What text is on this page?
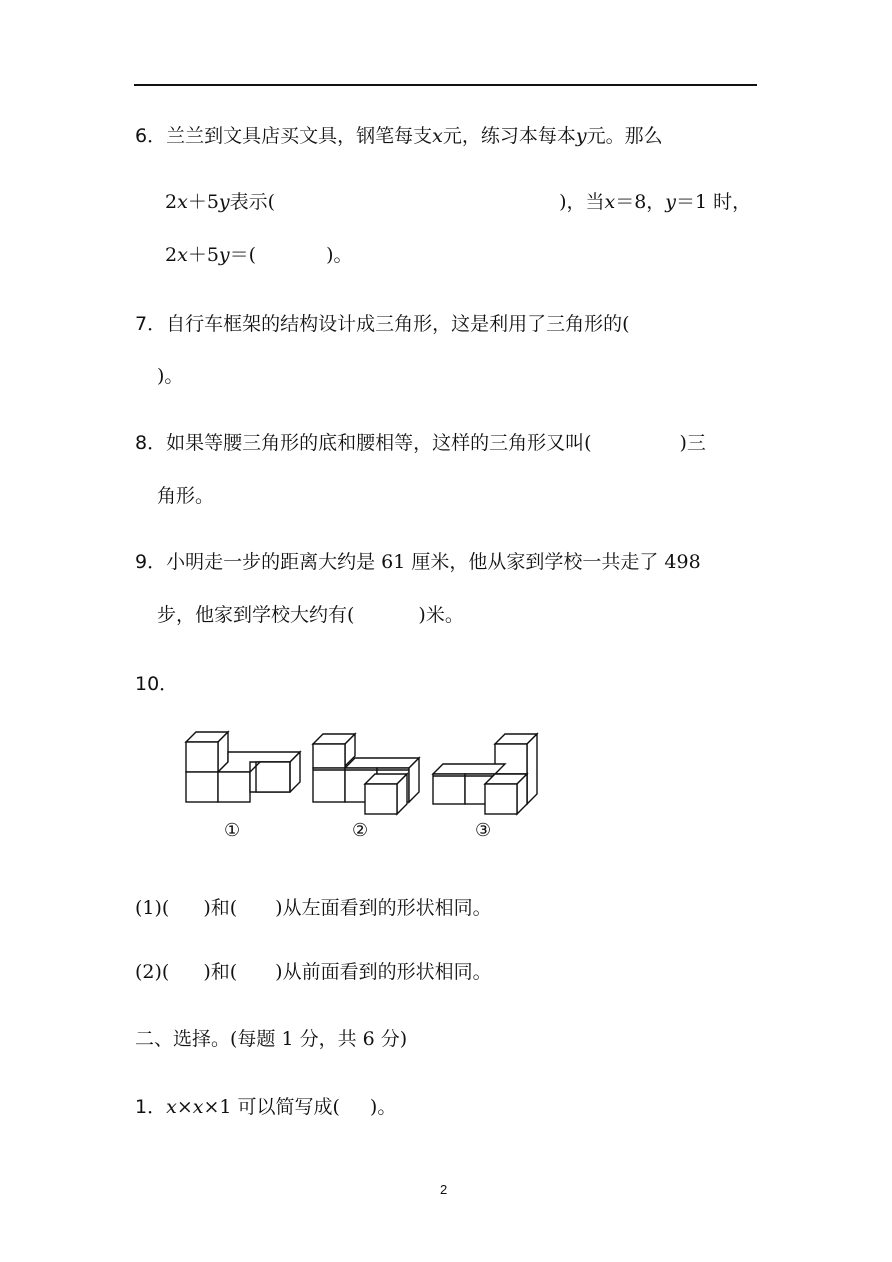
6．兰兰到文具店买文具，钢笔每支x元，练习本每本y元。那么
2x＋5y表示(	)，当x＝8，y＝1 时，
2x＋5y＝(	)。
7．自行车框架的结构设计成三角形，这是利用了三角形的(
)。
8．如果等腰三角形的底和腰相等，这样的三角形又叫(	)三
角形。
9．小明走一步的距离大约是 61 厘米，他从家到学校一共走了 498
步，他家到学校大约有(	)米。
10．
①	②	③
(1)( )和( )从左面看到的形状相同。
(2)( )和( )从前面看到的形状相同。
二、选择。(每题 1 分，共 6 分)
1．x×x×1 可以简写成( )。
2
